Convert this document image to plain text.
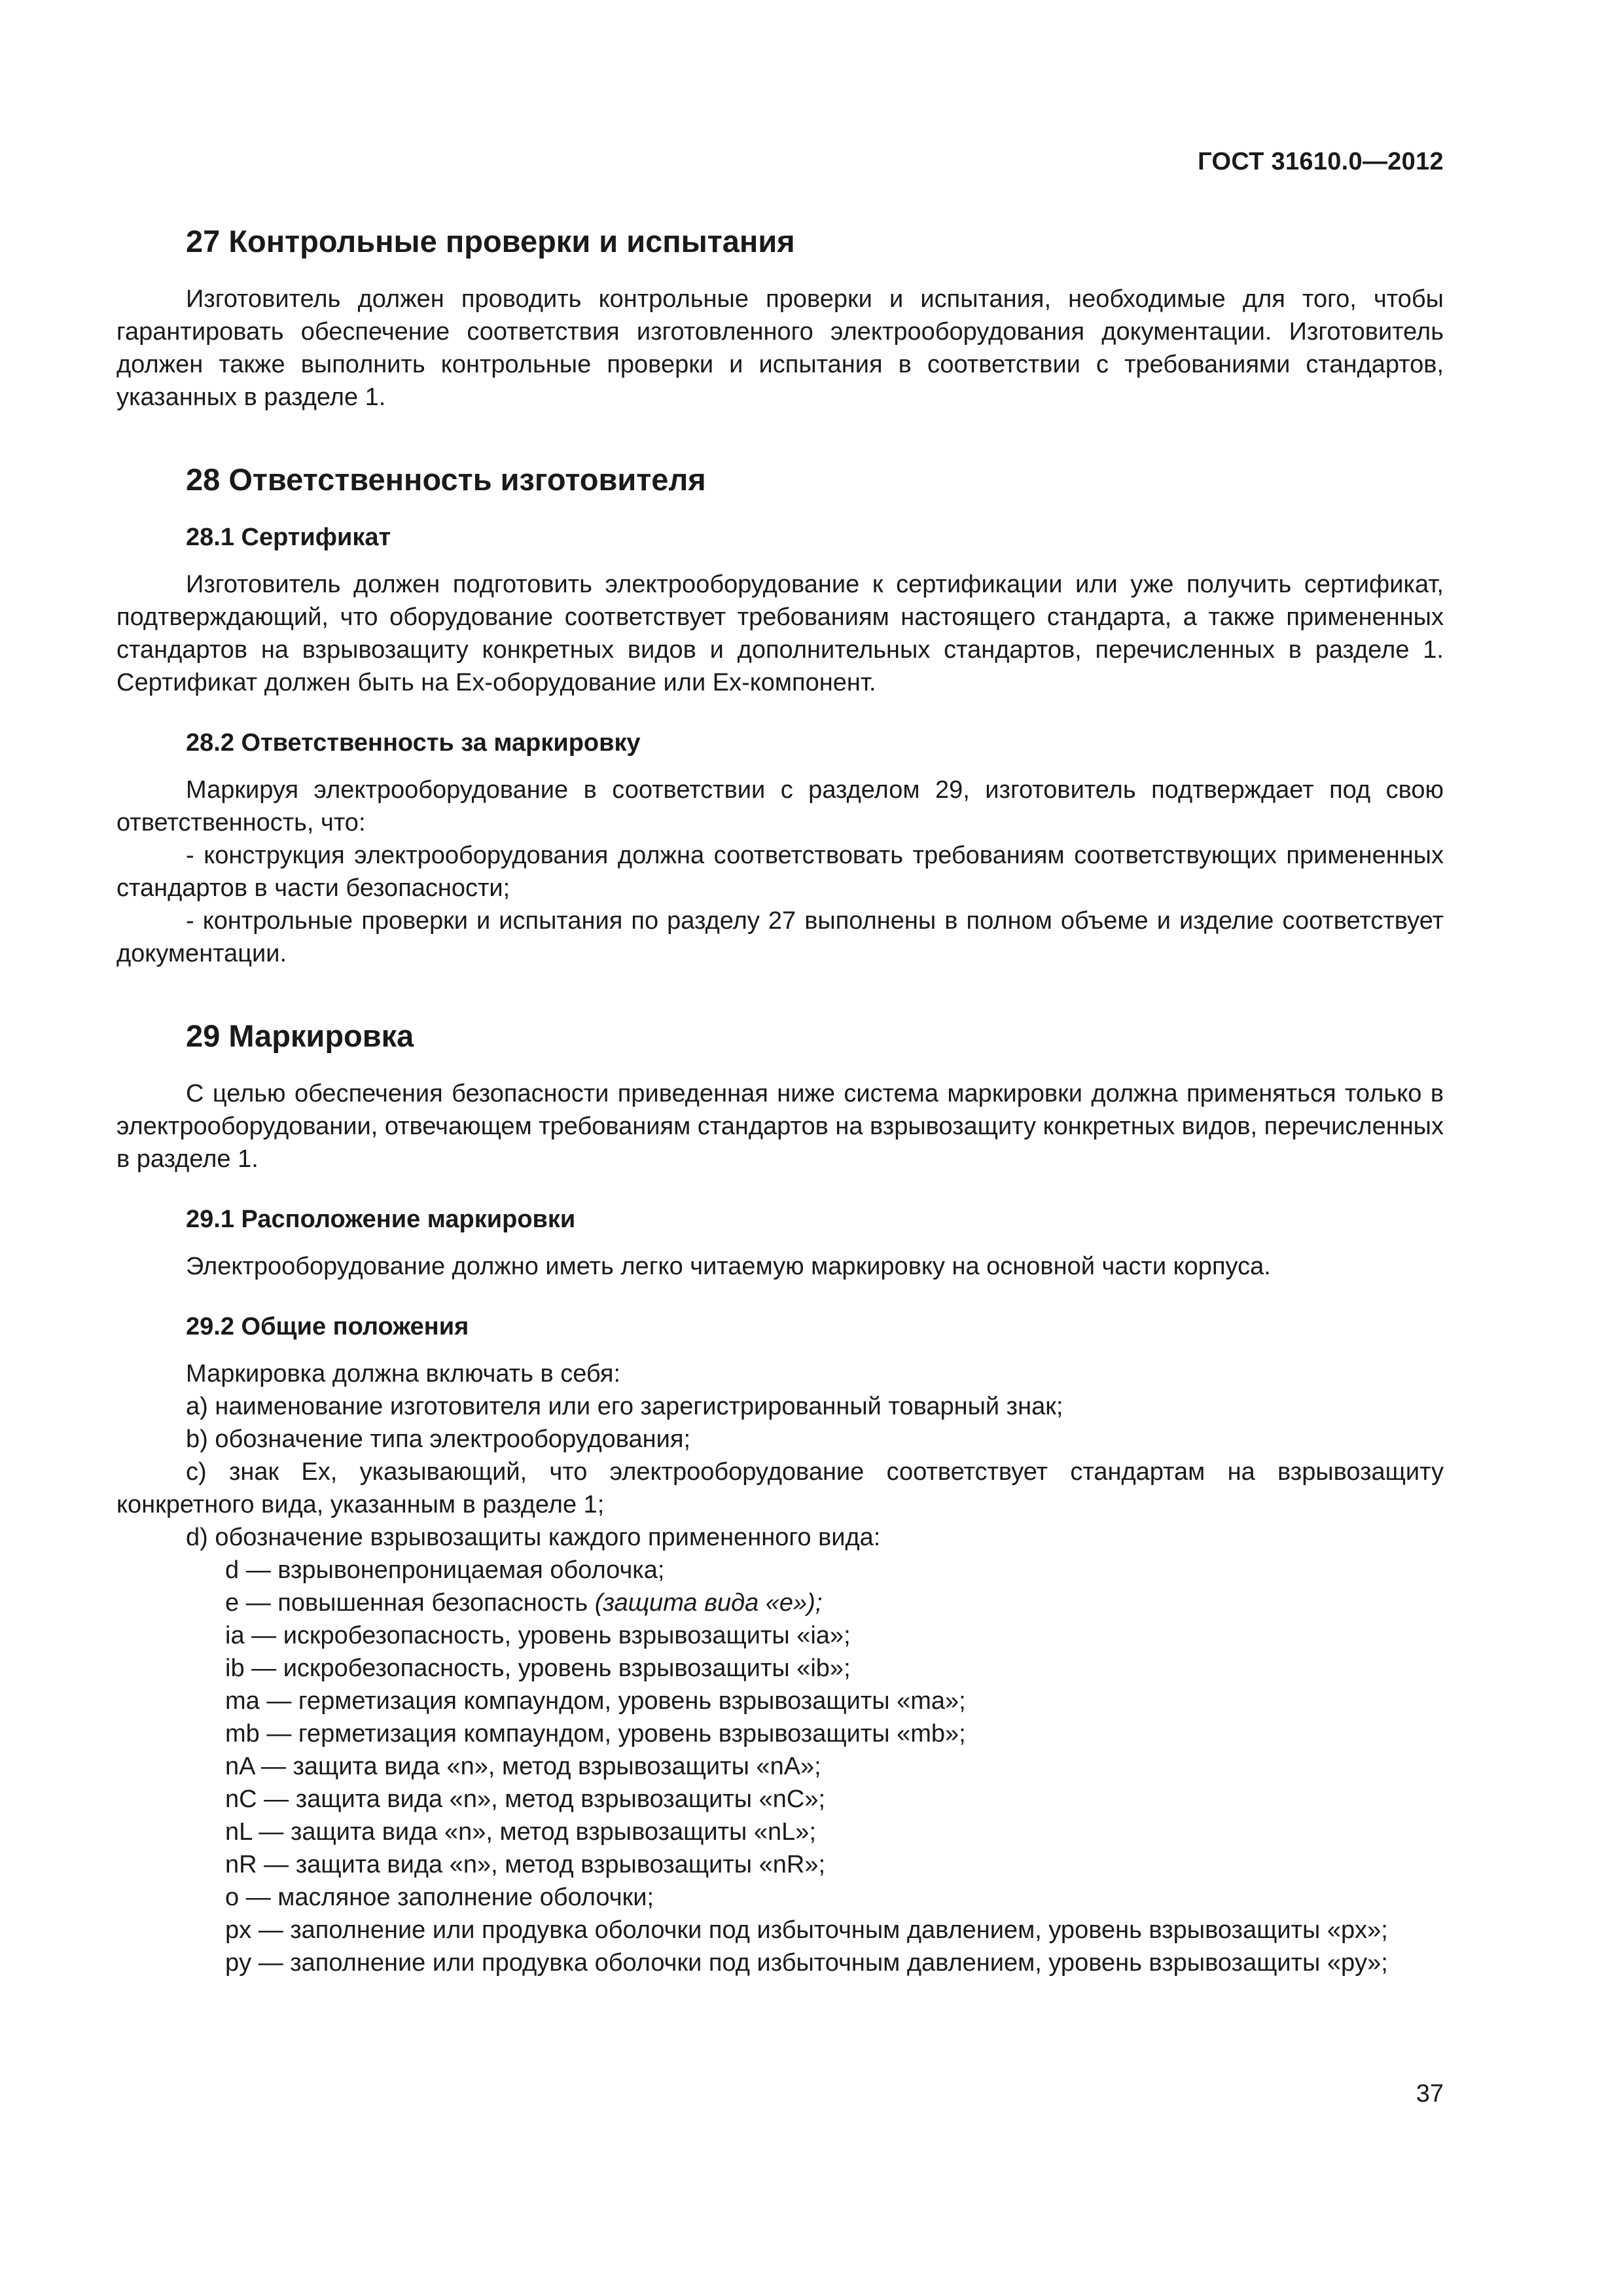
ГОСТ 31610.0—2012
27 Контрольные проверки и испытания

Изготовитель должен проводить контрольные проверки и испытания, необходимые для того, чтобы гарантировать обеспечение соответствия изготовленного электрооборудования документации. Изготовитель должен также выполнить контрольные проверки и испытания в соответствии с требованиями стандартов, указанных в разделе 1.

28 Ответственность изготовителя
28.1 Сертификат

Изготовитель должен подготовить электрооборудование к сертификации или уже получить сертификат, подтверждающий, что оборудование соответствует требованиям настоящего стандарта, а также примененных стандартов на взрывозащиту конкретных видов и дополнительных стандартов, перечисленных в разделе 1. Сертификат должен быть на Ex-оборудование или Ex-компонент.

28.2 Ответственность за маркировку

Маркируя электрооборудование в соответствии с разделом 29, изготовитель подтверждает под свою ответственность, что:

- конструкция электрооборудования должна соответствовать требованиям соответствующих примененных стандартов в части безопасности;

- контрольные проверки и испытания по разделу 27 выполнены в полном объеме и изделие соответствует документации.

29 Маркировка

С целью обеспечения безопасности приведенная ниже система маркировки должна применяться только в электрооборудовании, отвечающем требованиям стандартов на взрывозащиту конкретных видов, перечисленных в разделе 1.

29.1 Расположение маркировки

Электрооборудование должно иметь легко читаемую маркировку на основной части корпуса.

29.2 Общие положения

Маркировка должна включать в себя:

a) наименование изготовителя или его зарегистрированный товарный знак;

b) обозначение типа электрооборудования;

c) знак Ex, указывающий, что электрооборудование соответствует стандартам на взрывозащиту конкретного вида, указанным в разделе 1;

d) обозначение взрывозащиты каждого примененного вида:

d — взрывонепроницаемая оболочка;

e — повышенная безопасность (защита вида «е»);

ia — искробезопасность, уровень взрывозащиты «ia»;

ib — искробезопасность, уровень взрывозащиты «ib»;

ma — герметизация компаундом, уровень взрывозащиты «ma»;

mb — герметизация компаундом, уровень взрывозащиты «mb»;

nA — защита вида «n», метод взрывозащиты «nA»;

nC — защита вида «n», метод взрывозащиты «nC»;

nL — защита вида «n», метод взрывозащиты «nL»;

nR — защита вида «n», метод взрывозащиты «nR»;

o — масляное заполнение оболочки;

px — заполнение или продувка оболочки под избыточным давлением, уровень взрывозащиты «px»;

py — заполнение или продувка оболочки под избыточным давлением, уровень взрывозащиты «py»;

37
